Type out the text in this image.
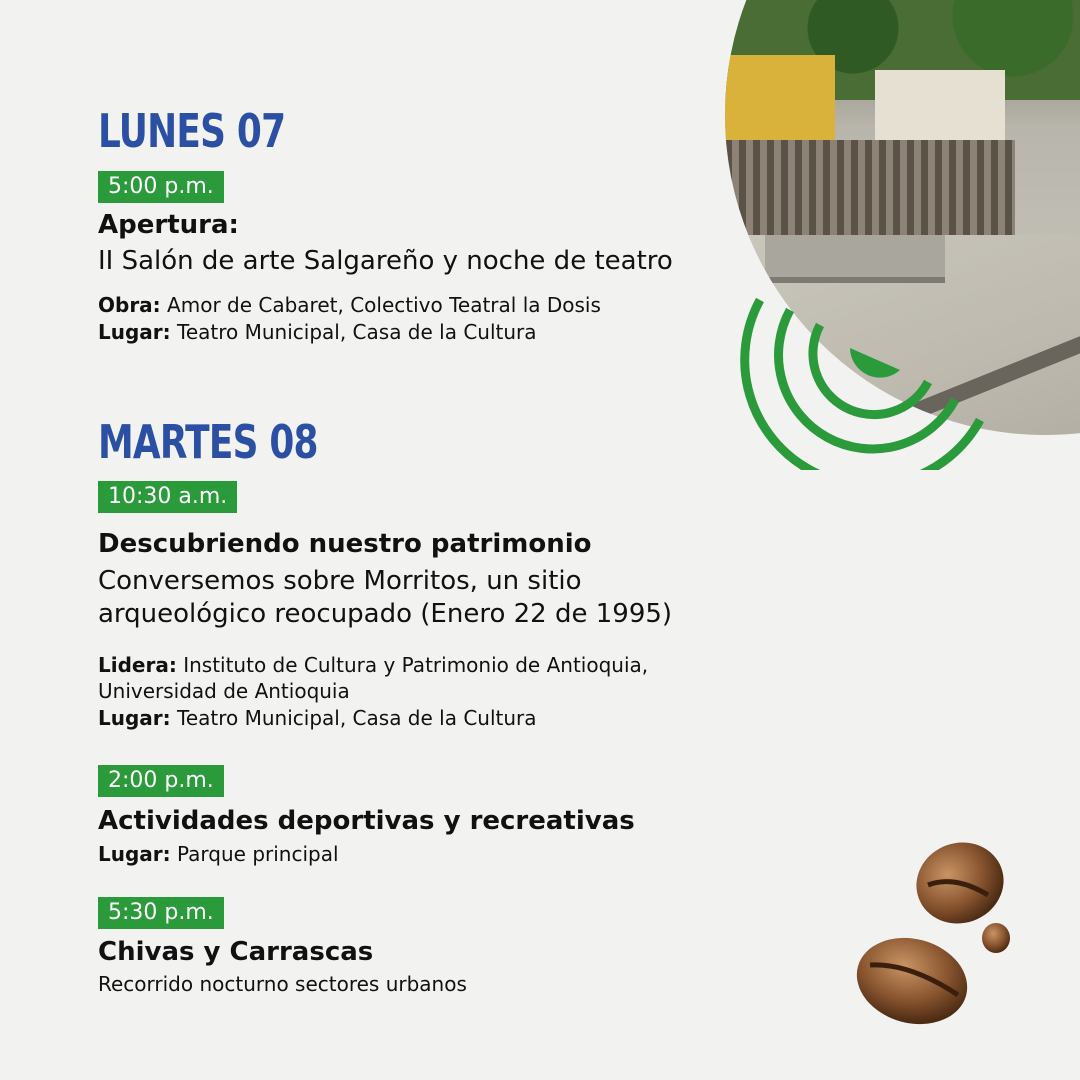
LUNES 07
5:00 p.m.
Apertura:
II Salón de arte Salgareño y noche de teatro
Obra: Amor de Cabaret, Colectivo Teatral la Dosis
Lugar: Teatro Municipal, Casa de la Cultura
MARTES 08
10:30 a.m.
Descubriendo nuestro patrimonio
Conversemos sobre Morritos, un sitio
arqueológico reocupado (Enero 22 de 1995)
Lidera: Instituto de Cultura y Patrimonio de Antioquia,
Universidad de Antioquia
Lugar: Teatro Municipal, Casa de la Cultura
2:00 p.m.
Actividades deportivas y recreativas
Lugar: Parque principal
5:30 p.m.
Chivas y Carrascas
Recorrido nocturno sectores urbanos
